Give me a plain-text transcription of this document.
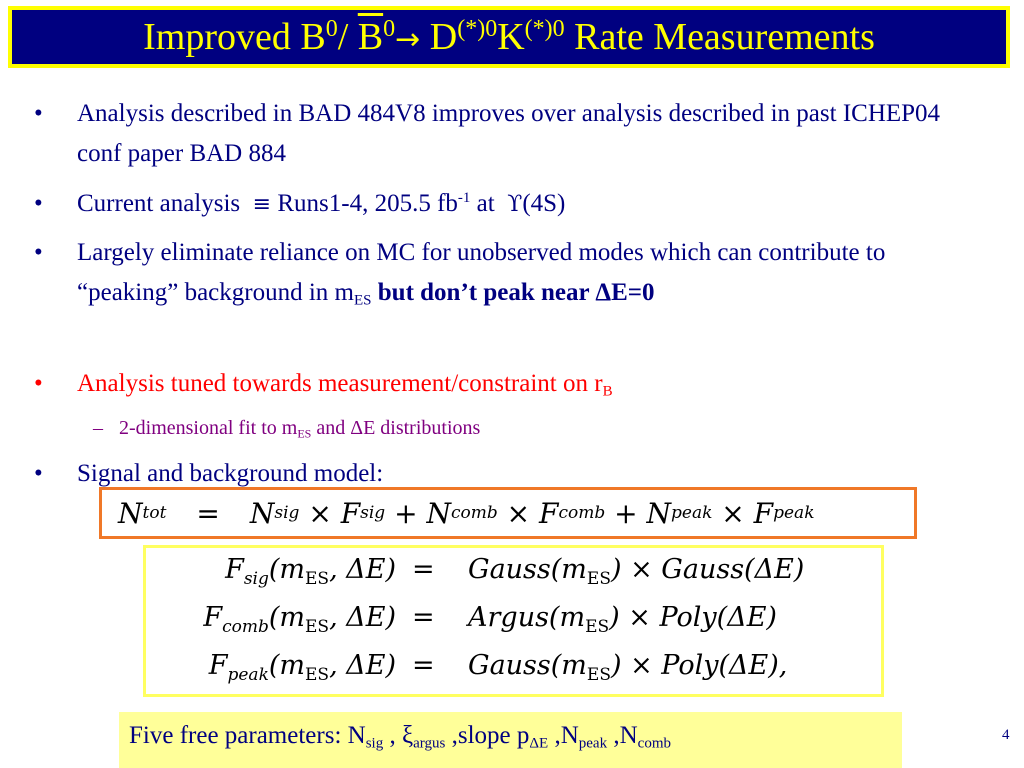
Improved $B^0/$ $\overline{B}^0\to D^{(*)0}K^{(*)0}$ Rate Measurements
•	Analysis described in BAD 484V8 improves over analysis described in past ICHEP04 conf paper BAD 884
•	Current analysis ≡ Runs1-4, 205.5 $fb^{-1}$ at ϒ(4S)
•	Largely eliminate reliance on MC for unobserved modes which can contribute to “peaking” background in $m_{ES}$ but don’t peak near ΔE=0
•	Analysis tuned towards measurement/constraint on $r_B$
– 2-dimensional fit to $m_{ES}$ and ΔE distributions
•	Signal and background model:
N tot = N sig
×
F sig
+
N comb
×
F comb
+
N peak
×
F peak
$F_{sig}(m_{ES}$, $\Delta E) = Gauss(m_{ES})$ × Gauss(ΔE)
$F_{comb}(m_{ES}$, $\Delta E) = Argus(m_{ES})$ × Poly(ΔE)
$F_{peak}(m_{ES}$, $\Delta E) = Gauss(m_{ES})$ × Poly(ΔE),
Five free parameters: $N_{sig}$ , $\xi_{argus}$ ,slope $p_{\Delta E}$ $,N_{peak}$ $,N_{comb}$
4
